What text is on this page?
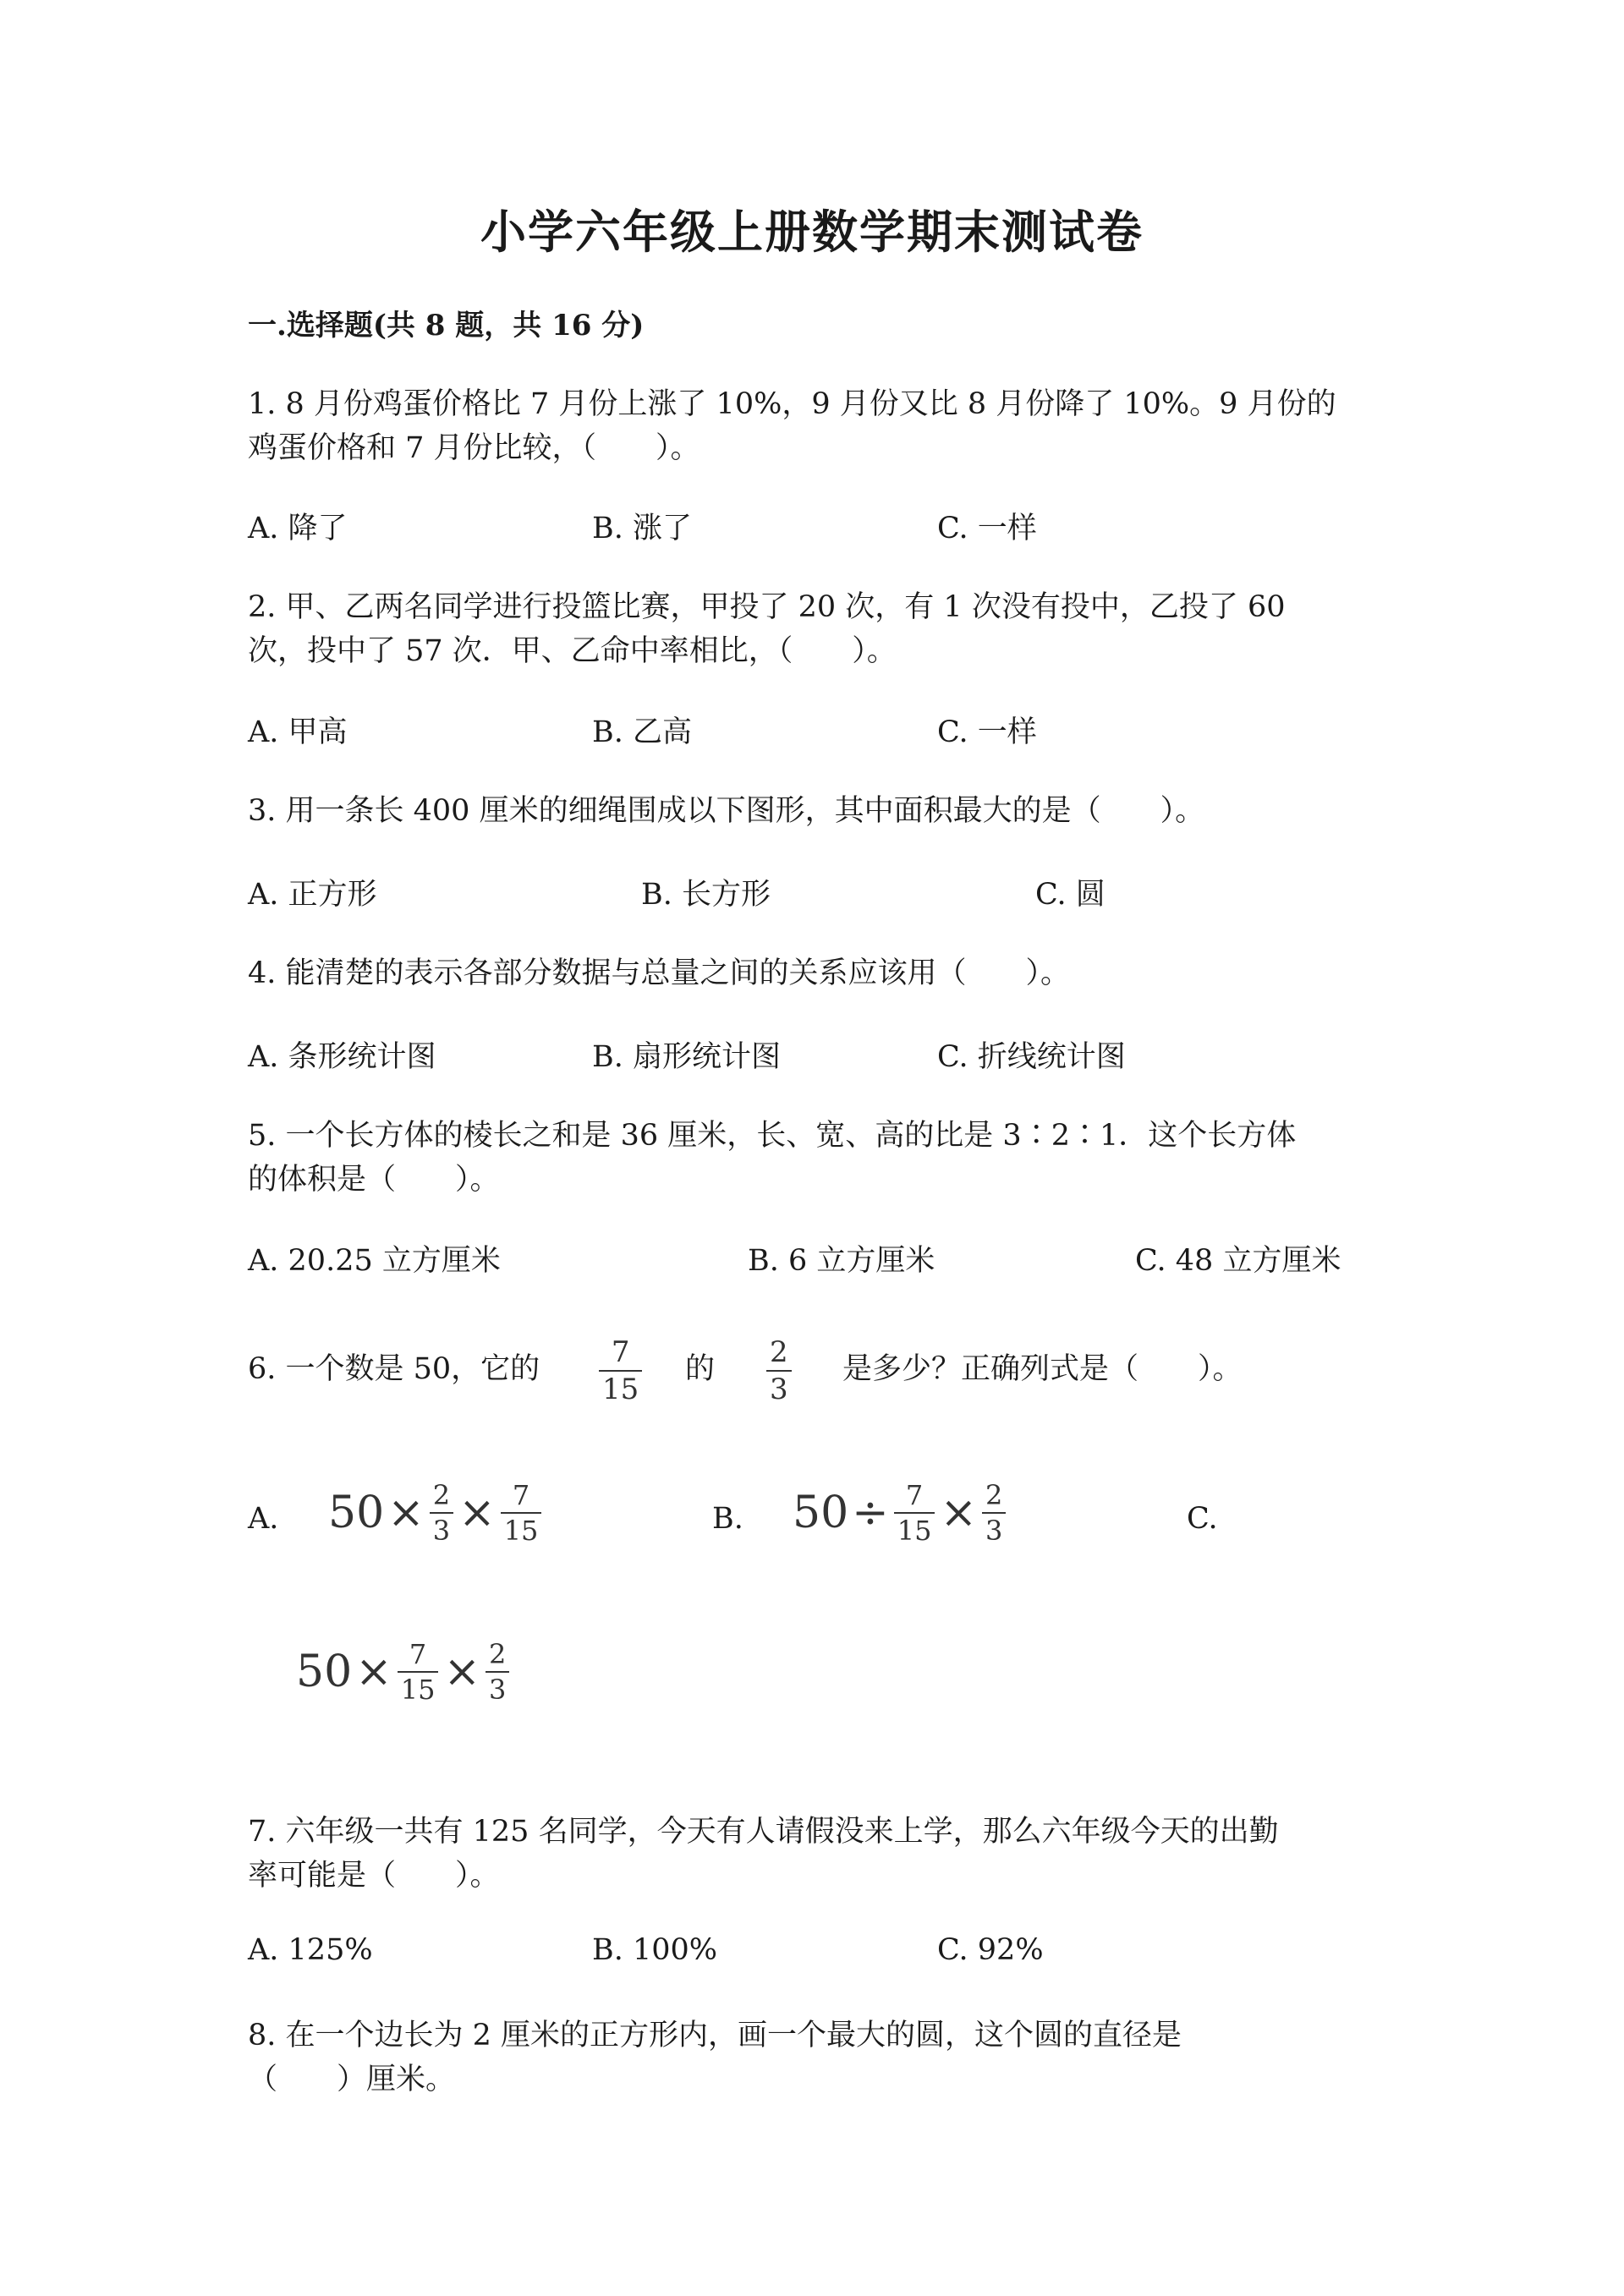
小学六年级上册数学期末测试卷
一.选择题(共 8 题，共 16 分)
1. 8 月份鸡蛋价格比 7 月份上涨了 10%，9 月份又比 8 月份降了 10%。9 月份的
鸡蛋价格和 7 月份比较，（　　）。
A. 降了	B. 涨了	C. 一样
2. 甲、乙两名同学进行投篮比赛，甲投了 20 次，有 1 次没有投中，乙投了 60
次，投中了 57 次．甲、乙命中率相比，（　　）。
A. 甲高	B. 乙高	C. 一样
3. 用一条长 400 厘米的细绳围成以下图形，其中面积最大的是（　　）。
A. 正方形	B. 长方形	C. 圆
4. 能清楚的表示各部分数据与总量之间的关系应该用（　　）。
A. 条形统计图	B. 扇形统计图	C. 折线统计图
5. 一个长方体的棱长之和是 36 厘米，长、宽、高的比是 3∶2∶1．这个长方体
的体积是（　　）。
A. 20.25 立方厘米	B. 6 立方厘米	C. 48 立方厘米
6. 一个数是 50，它的 $\frac{7}{15}$ 的 $\frac{2}{3}$ 是多少？正确列式是（　　）。
A. $50 \times \frac{2}{3} \times \frac{7}{15}$	B. $50 \div \frac{7}{15} \times \frac{2}{3}$	C.
$50 \times \frac{7}{15} \times \frac{2}{3}$
7. 六年级一共有 125 名同学，今天有人请假没来上学，那么六年级今天的出勤
率可能是（　　）。
A. 125%	B. 100%	C. 92%
8. 在一个边长为 2 厘米的正方形内，画一个最大的圆，这个圆的直径是
（　　）厘米。
